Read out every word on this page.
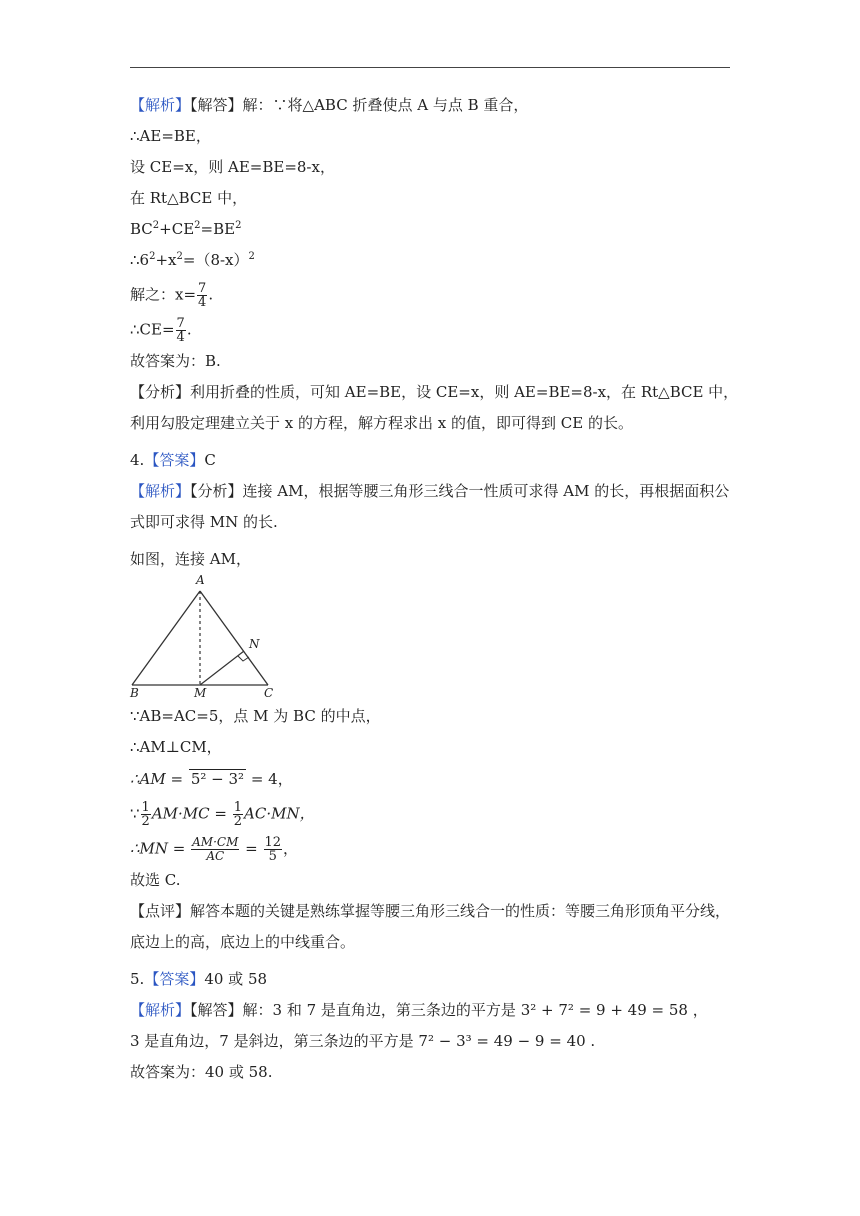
【解析】【解答】解：∵将△ABC 折叠使点 A 与点 B 重合，
∴AE=BE，
设 CE=x，则 AE=BE=8-x，
在 Rt△BCE 中，
$BC^2+CE^2=BE^2$
$\therefore 6^2+x^2=(8-x)^2$
解之：$x= \frac{7}{4}$ .
∴CE= $\frac{7}{4}$ .
故答案为：B.
【分析】利用折叠的性质，可知 AE=BE，设 CE=x，则 AE=BE=8-x，在 Rt△BCE 中，利用勾股定理建立关于 x 的方程，解方程求出 x 的值，即可得到 CE 的长。
4.【答案】C
【解析】【分析】连接 AM，根据等腰三角形三线合一性质可求得 AM 的长，再根据面积公式即可求得 MN 的长.
如图，连接 AM，
A
B	M	C
N
∵AB=AC=5，点 M 为 BC 的中点，
∴AM⊥CM，
∴AM = 5² − 3² = 4，
∵ $\frac{1}{2} AM\cdot MC = \frac{1}{2} AC\cdot MN$，
∴MN = $\frac{AM\cdot CM}{AC} = \frac{12}{5}$ ，
故选 C.
【点评】解答本题的关键是熟练掌握等腰三角形三线合一的性质：等腰三角形顶角平分线，底边上的高，底边上的中线重合。
5.【答案】40 或 58
【解析】【解答】解：3 和 7 是直角边，第三条边的平方是 3² + 7² = 9 + 49 = 58 ，
3 是直角边，7 是斜边，第三条边的平方是 7² − 3³ = 49 − 9 = 40 .
故答案为：40 或 58.
